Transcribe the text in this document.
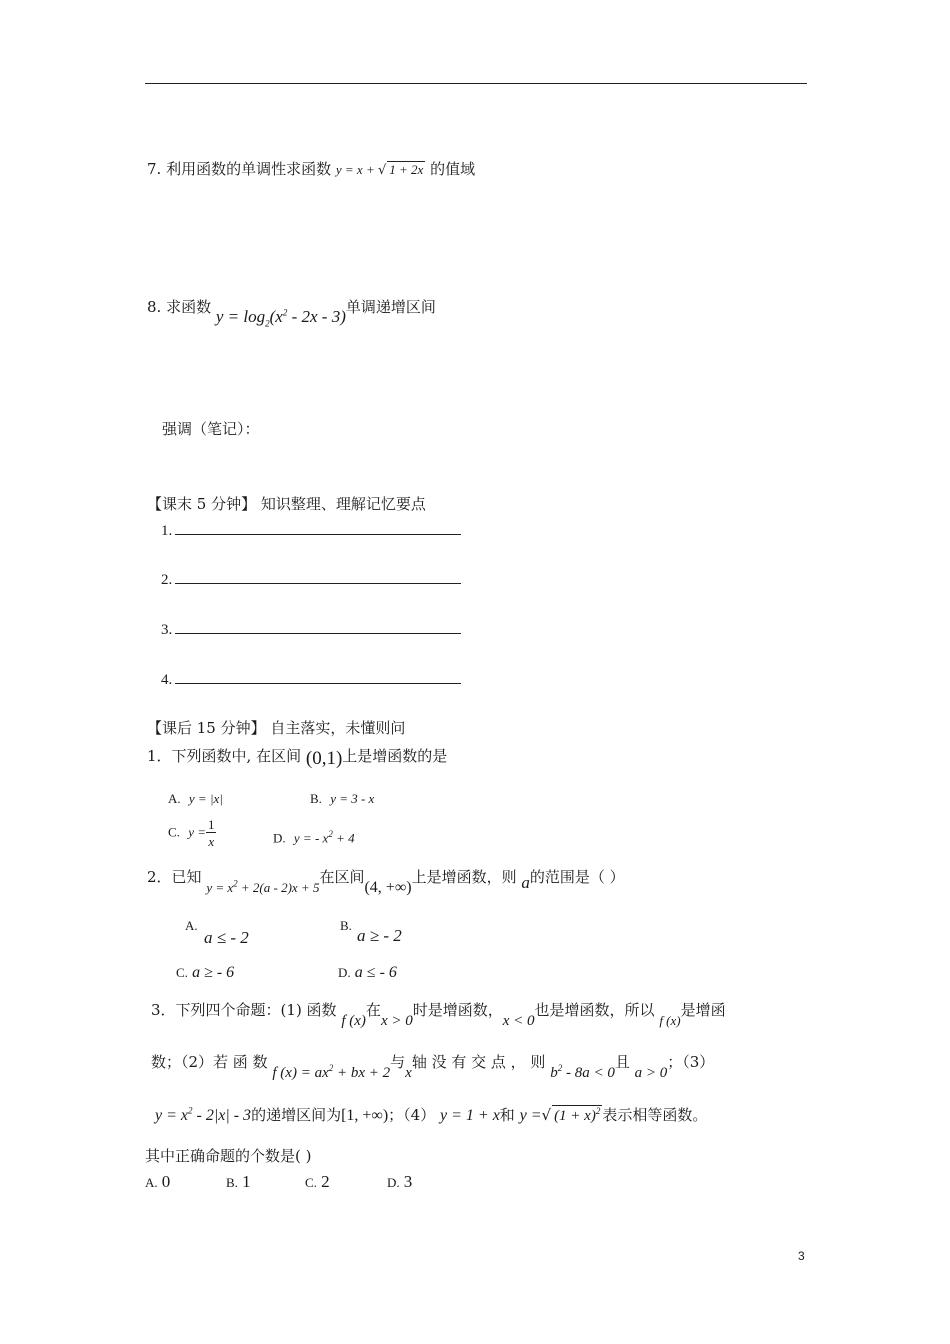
7. 利用函数的单调性求函数 y = x + √ 1 + 2x 的值域
8. 求函数 $y = \log_2(x^2 - 2x - 3)$单调递增区间
强调（笔记）：
【课末 5 分钟】 知识整理、理解记忆要点
1.
2.
3.
4.
【课后 15 分钟】 自主落实，未懂则问
1．下列函数中, 在区间 (0,1)上是增函数的是
A. y = |x|	B. y = 3 - x
C. $y = \frac{1}{x}$	D. y = - $x^2 + 4$
2．已知 $y = x^2 + 2(a - 2)x + 5$在区间(4, +∞)上是增函数，则 a的范围是（ ）
A.
a ≤ - 2
B.
a ≥ - 2
C. a ≥ - 6	D. a ≤ - 6
3．下列四个命题：(1) 函数 f (x)在x > 0时是增函数，x < 0也是增函数，所以 f (x)是增函
数；（2）若 函 数 f $(x) = ax^2$ + bx + 2与x轴 没 有 交 点 ， 则 $b^2 - 8a < 0$且 a > 0；（3）
$y = x^2 - 2|x| - 3$的递增区间为[1, +∞)；（4） y = 1 + x和 y =√ $(1 + x)^2$ 表示相等函数。
其中正确命题的个数是( )
A. 0	B. 1	C. 2	D. 3
3
